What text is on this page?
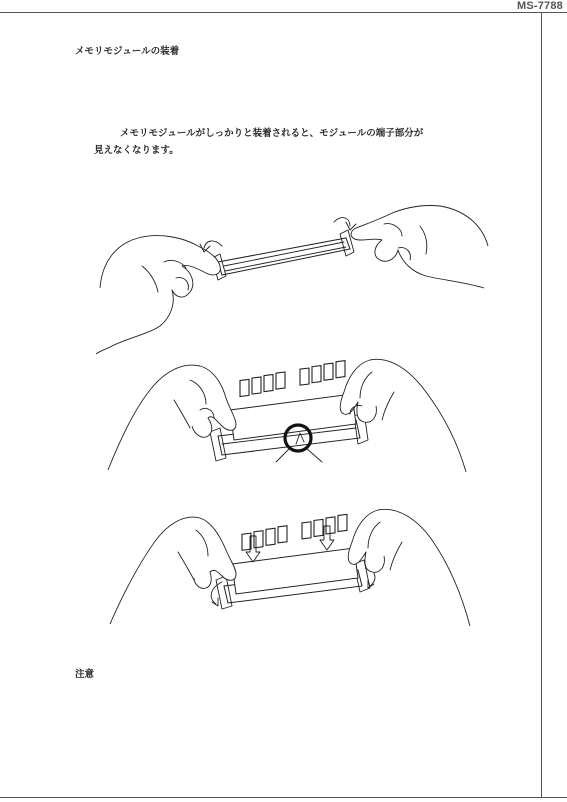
MS-7788
メモリモジュールの装着
メモリモジュールがしっかりと装着されると、モジュールの端子部分が
見えなくなります。
注意
